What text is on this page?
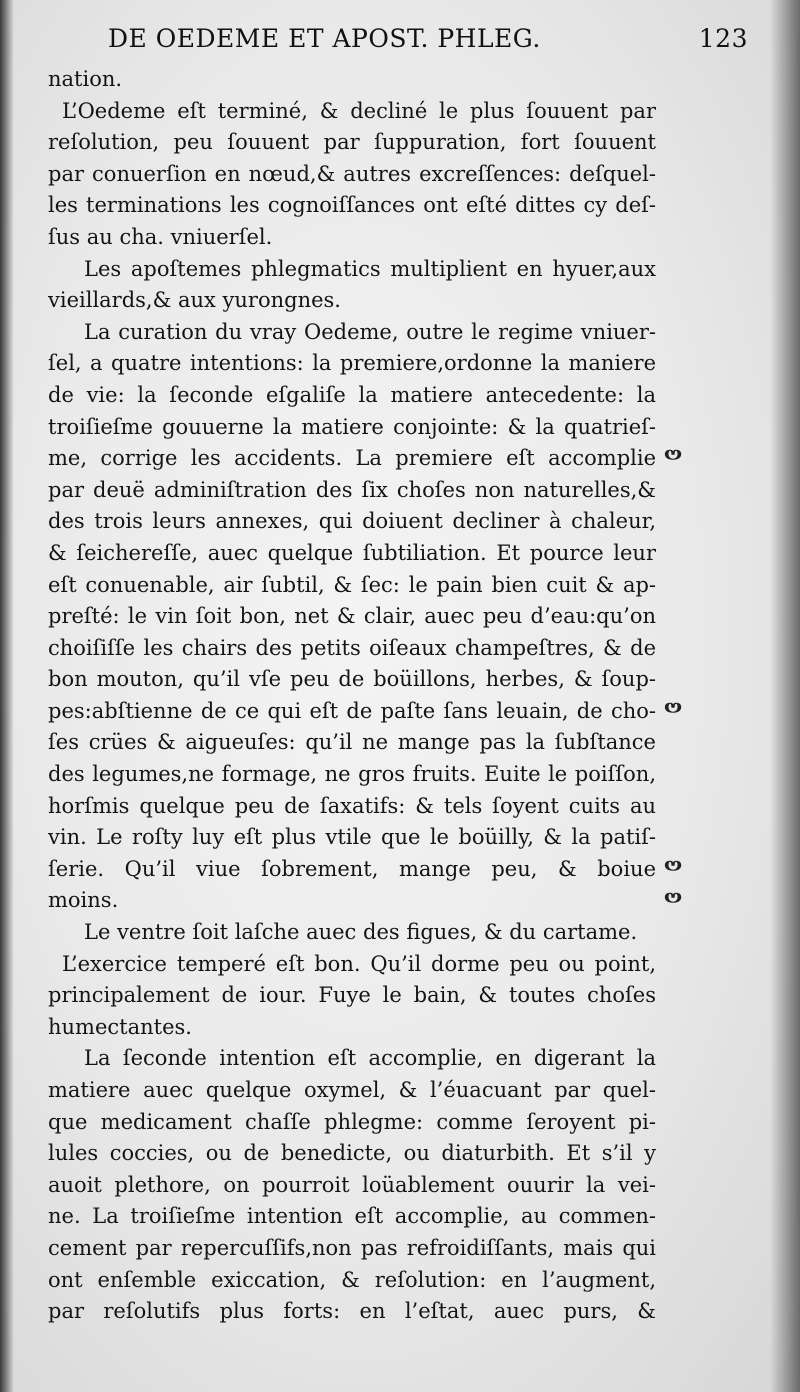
DE OEDEME ET APOST. PHLEG.	123
nation.
L’Oedeme eſt terminé, & decliné le plus ſouuent par
reſolution, peu ſouuent par ſuppuration, fort ſouuent
par conuerſion en nœud,& autres excreſſences: deſquel-
les terminations les cognoiſſances ont eſté dittes cy deſ-
ſus au cha. vniuerſel.
Les apoſtemes phlegmatics multiplient en hyuer,aux
vieillards,& aux yurongnes.
La curation du vray Oedeme, outre le regime vniuer-
ſel, a quatre intentions: la premiere,ordonne la maniere
de vie: la ſeconde eſgaliſe la matiere antecedente: la
troiſieſme gouuerne la matiere conjointe: & la quatrieſ-
me, corrige les accidents. La premiere eſt accomplie
par deuë adminiſtration des ſix choſes non naturelles,&
des trois leurs annexes, qui doiuent decliner à chaleur,
& ſeichereſſe, auec quelque ſubtiliation. Et pource leur
eſt conuenable, air ſubtil, & ſec: le pain bien cuit & ap-
preſté: le vin ſoit bon, net & clair, auec peu d’eau:qu’on
choiſiſſe les chairs des petits oiſeaux champeſtres, & de
bon mouton, qu’il vſe peu de boüillons, herbes, & ſoup-
pes:abſtienne de ce qui eſt de paſte ſans leuain, de cho-
ſes crües & aigueuſes: qu’il ne mange pas la ſubſtance
des legumes,ne formage, ne gros fruits. Euite le poiſſon,
horſmis quelque peu de ſaxatifs: & tels ſoyent cuits au
vin. Le roſty luy eſt plus vtile que le boüilly, & la patiſ-
ſerie. Qu’il viue ſobrement, mange peu, & boiue
moins.
Le ventre ſoit laſche auec des figues, & du cartame.
L’exercice temperé eſt bon. Qu’il dorme peu ou point,
principalement de iour. Fuye le bain, & toutes choſes
humectantes.
La ſeconde intention eſt accomplie, en digerant la
matiere auec quelque oxymel, & l’éuacuant par quel-
que medicament chaſſe phlegme: comme ſeroyent pi-
lules coccies, ou de benedicte, ou diaturbith. Et s’il y
auoit plethore, on pourroit loüablement ouurir la vei-
ne. La troiſieſme intention eſt accomplie, au commen-
cement par repercuſſifs,non pas refroidiſſants, mais qui
ont enſemble exiccation, & reſolution: en l’augment,
par reſolutifs plus forts: en l’eſtat, auec purs, &
ɷ
ɷ
ɷ
ɷ
